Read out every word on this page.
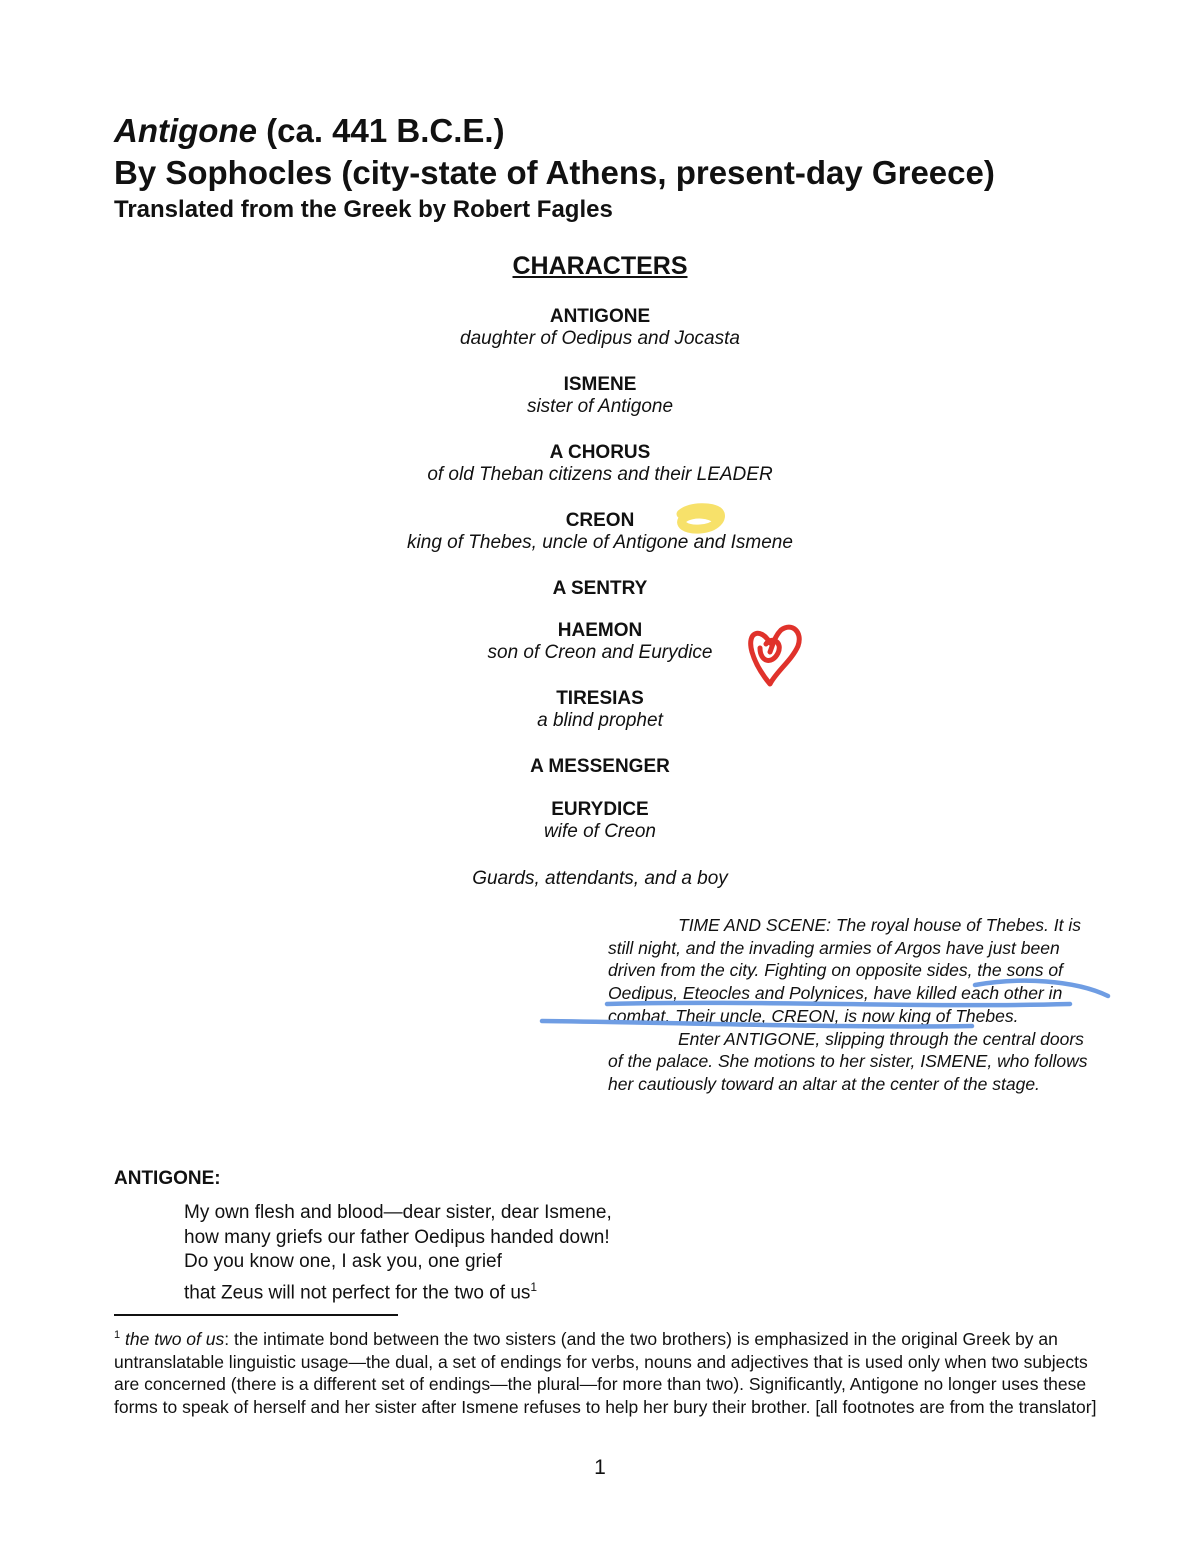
Antigone (ca. 441 B.C.E.)
By Sophocles (city-state of Athens, present-day Greece)
Translated from the Greek by Robert Fagles
CHARACTERS
ANTIGONE
daughter of Oedipus and Jocasta
ISMENE
sister of Antigone
A CHORUS
of old Theban citizens and their LEADER
CREON
king of Thebes, uncle of Antigone and Ismene
A SENTRY
HAEMON
son of Creon and Eurydice
TIRESIAS
a blind prophet
A MESSENGER
EURYDICE
wife of Creon
Guards, attendants, and a boy

TIME AND SCENE: The royal house of Thebes. It is still night, and the invading armies of Argos have just been driven from the city. Fighting on opposite sides, the sons of Oedipus, Eteocles and Polynices, have killed each other in combat. Their uncle, CREON, is now king of Thebes.

Enter ANTIGONE, slipping through the central doors of the palace. She motions to her sister, ISMENE, who follows her cautiously toward an altar at the center of the stage.

ANTIGONE:
My own flesh and blood—dear sister, dear Ismene,
how many griefs our father Oedipus handed down!
Do you know one, I ask you, one grief
that Zeus will not perfect for the two of $us^1$
$^1$ the two of us: the intimate bond between the two sisters (and the two brothers) is emphasized in the original Greek by an untranslatable linguistic usage—the dual, a set of endings for verbs, nouns and adjectives that is used only when two subjects are concerned (there is a different set of endings—the plural—for more than two). Significantly, Antigone no longer uses these forms to speak of herself and her sister after Ismene refuses to help her bury their brother. [all footnotes are from the translator]
1
